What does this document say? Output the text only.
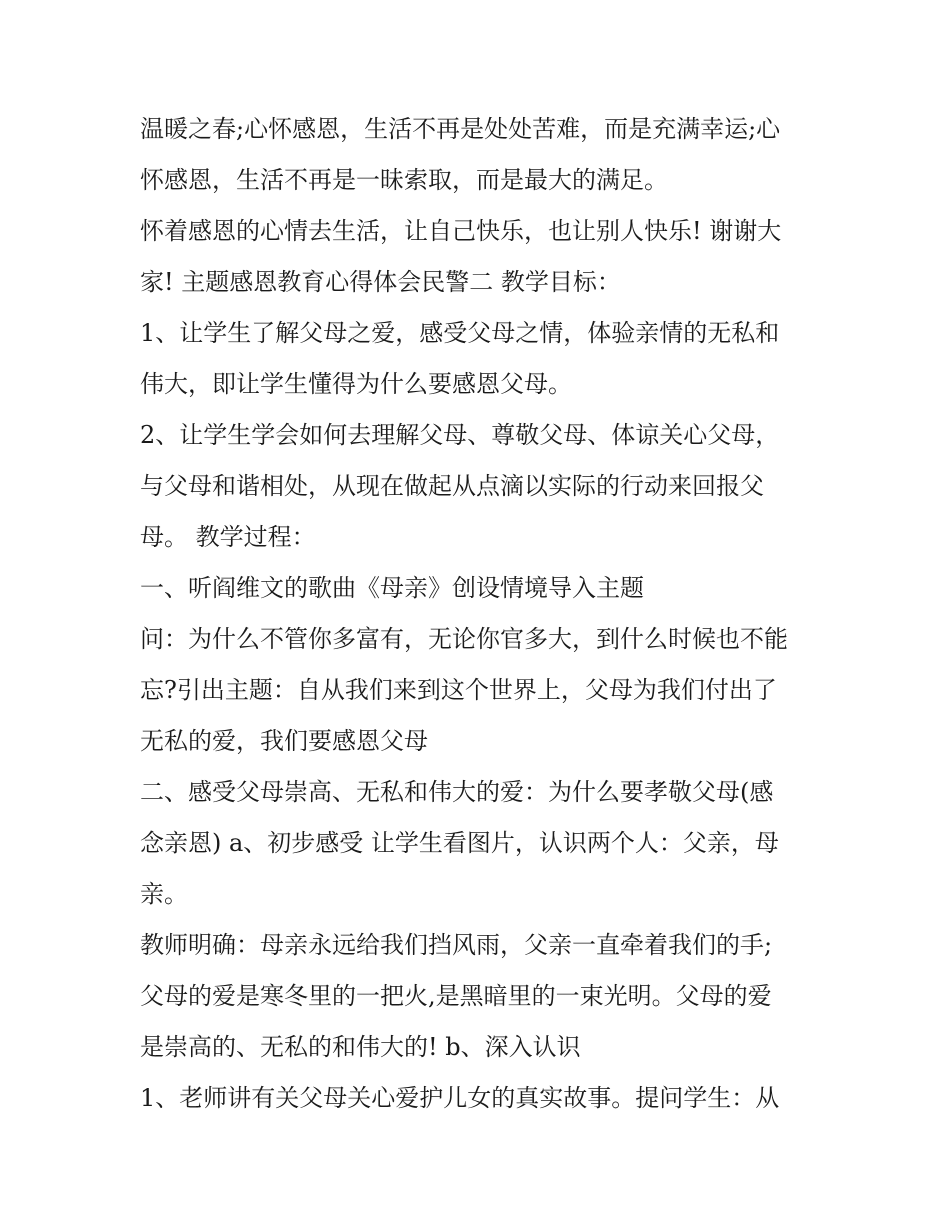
温暖之春;心怀感恩，生活不再是处处苦难，而是充满幸运;心
怀感恩，生活不再是一昧索取，而是最大的满足。
怀着感恩的心情去生活，让自己快乐，也让别人快乐! 谢谢大
家! 主题感恩教育心得体会民警二 教学目标：
1、让学生了解父母之爱，感受父母之情，体验亲情的无私和
伟大，即让学生懂得为什么要感恩父母。
2、让学生学会如何去理解父母、尊敬父母、体谅关心父母，
与父母和谐相处，从现在做起从点滴以实际的行动来回报父
母。 教学过程：
一、听阎维文的歌曲《母亲》创设情境导入主题
问：为什么不管你多富有，无论你官多大，到什么时候也不能
忘?引出主题：自从我们来到这个世界上，父母为我们付出了
无私的爱，我们要感恩父母
二、感受父母崇高、无私和伟大的爱：为什么要孝敬父母(感
念亲恩) a、初步感受 让学生看图片，认识两个人：父亲，母
亲。
教师明确：母亲永远给我们挡风雨，父亲一直牵着我们的手;
父母的爱是寒冬里的一把火,是黑暗里的一束光明。父母的爱
是崇高的、无私的和伟大的! b、深入认识
1、老师讲有关父母关心爱护儿女的真实故事。提问学生：从
